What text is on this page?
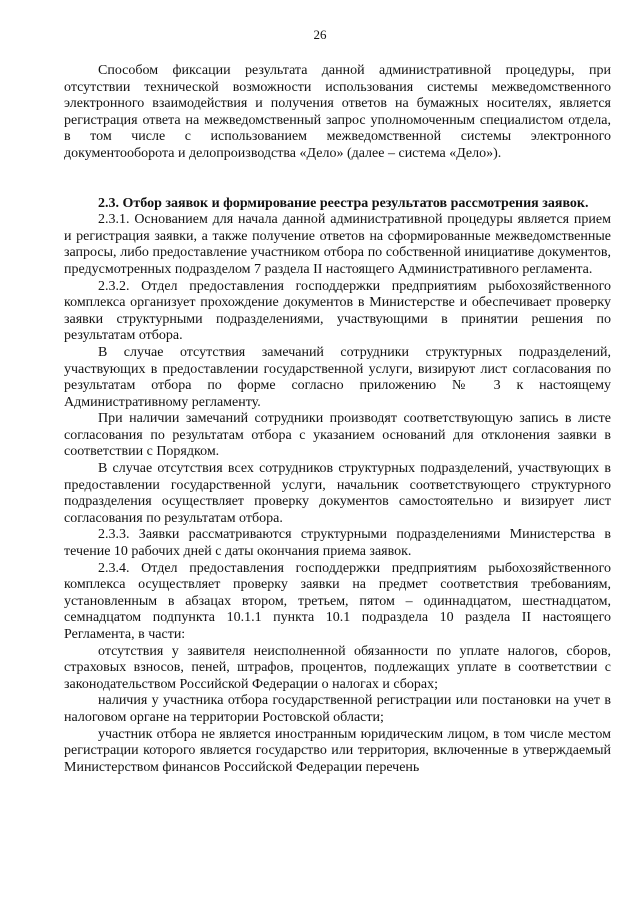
26

Способом фиксации результата данной административной процедуры, при отсутствии технической возможности использования системы межведомственного электронного взаимодействия и получения ответов на бумажных носителях, является регистрация ответа на межведомственный запрос уполномоченным специалистом отдела, в том числе с использованием межведомственной системы электронного документооборота и делопроизводства «Дело» (далее – система «Дело»).

2.3. Отбор заявок и формирование реестра результатов рассмотрения заявок.

2.3.1. Основанием для начала данной административной процедуры является прием и регистрация заявки, а также получение ответов на сформированные межведомственные запросы, либо предоставление участником отбора по собственной инициативе документов, предусмотренных подразделом 7 раздела II настоящего Административного регламента.

2.3.2. Отдел предоставления господдержки предприятиям рыбохозяйственного комплекса организует прохождение документов в Министерстве и обеспечивает проверку заявки структурными подразделениями, участвующими в принятии решения по результатам отбора.

В случае отсутствия замечаний сотрудники структурных подразделений, участвующих в предоставлении государственной услуги, визируют лист согласования по результатам отбора по форме согласно приложению № 3 к настоящему Административному регламенту.

При наличии замечаний сотрудники производят соответствующую запись в листе согласования по результатам отбора с указанием оснований для отклонения заявки в соответствии с Порядком.

В случае отсутствия всех сотрудников структурных подразделений, участвующих в предоставлении государственной услуги, начальник соответствующего структурного подразделения осуществляет проверку документов самостоятельно и визирует лист согласования по результатам отбора.

2.3.3. Заявки рассматриваются структурными подразделениями Министерства в течение 10 рабочих дней с даты окончания приема заявок.

2.3.4. Отдел предоставления господдержки предприятиям рыбохозяйственного комплекса осуществляет проверку заявки на предмет соответствия требованиям, установленным в абзацах втором, третьем, пятом – одиннадцатом, шестнадцатом, семнадцатом подпункта 10.1.1 пункта 10.1 подраздела 10 раздела II настоящего Регламента, в части:

отсутствия у заявителя неисполненной обязанности по уплате налогов, сборов, страховых взносов, пеней, штрафов, процентов, подлежащих уплате в соответствии с законодательством Российской Федерации о налогах и сборах;

наличия у участника отбора государственной регистрации или постановки на учет в налоговом органе на территории Ростовской области;

участник отбора не является иностранным юридическим лицом, в том числе местом регистрации которого является государство или территория, включенные в утверждаемый Министерством финансов Российской Федерации перечень
